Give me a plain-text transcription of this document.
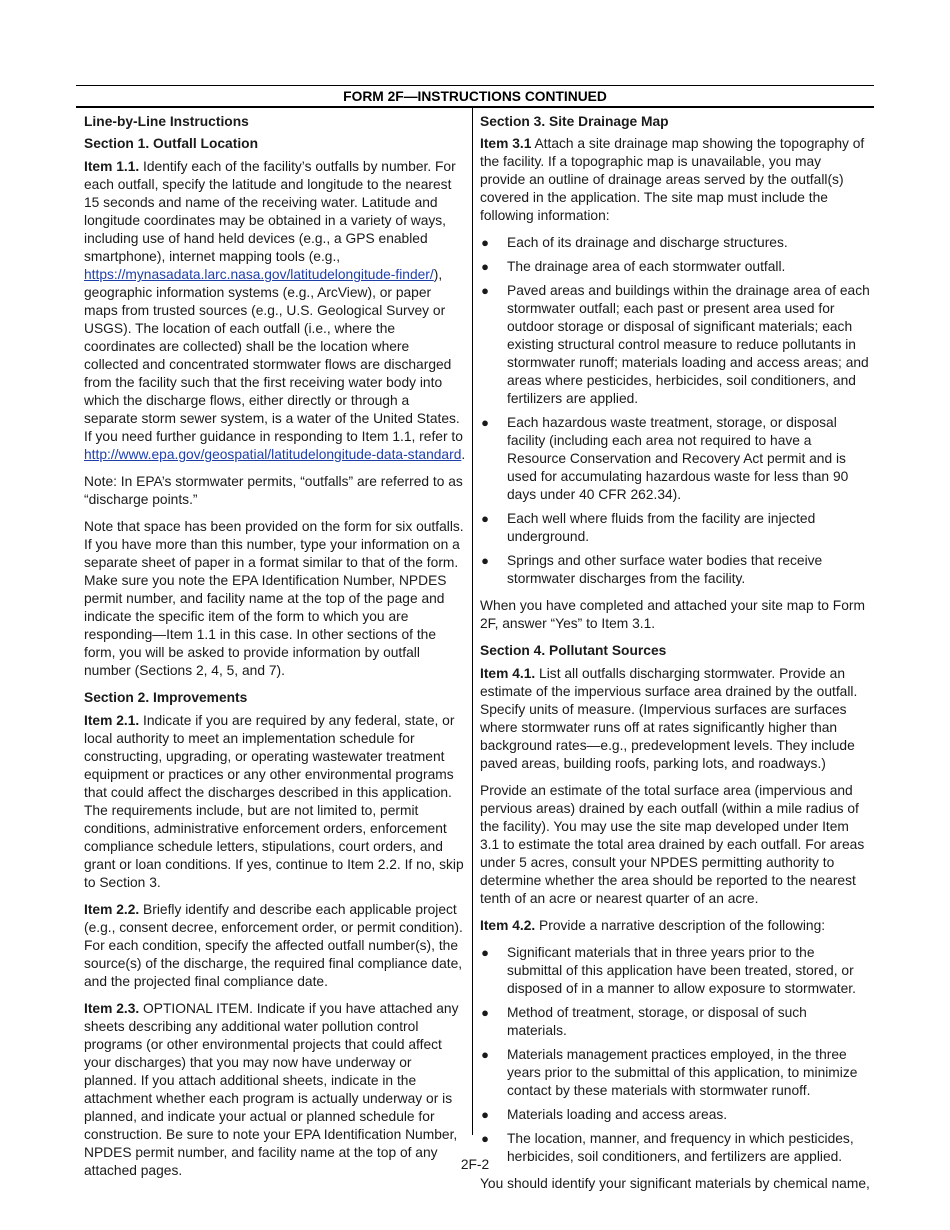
FORM 2F—INSTRUCTIONS CONTINUED
Line-by-Line Instructions
Section 1. Outfall Location

Item 1.1. Identify each of the facility’s outfalls by number. For each outfall, specify the latitude and longitude to the nearest 15 seconds and name of the receiving water. Latitude and longitude coordinates may be obtained in a variety of ways, including use of hand held devices (e.g., a GPS enabled smartphone), internet mapping tools (e.g., https://mynasadata.larc.nasa.gov/latitudelongitude-finder/), geographic information systems (e.g., ArcView), or paper maps from trusted sources (e.g., U.S. Geological Survey or USGS). The location of each outfall (i.e., where the coordinates are collected) shall be the location where collected and concentrated stormwater flows are discharged from the facility such that the first receiving water body into which the discharge flows, either directly or through a separate storm sewer system, is a water of the United States. If you need further guidance in responding to Item 1.1, refer to http://www.epa.gov/geospatial/latitudelongitude-data-standard.

Note: In EPA’s stormwater permits, “outfalls” are referred to as “discharge points.”

Note that space has been provided on the form for six outfalls. If you have more than this number, type your information on a separate sheet of paper in a format similar to that of the form. Make sure you note the EPA Identification Number, NPDES permit number, and facility name at the top of the page and indicate the specific item of the form to which you are responding—Item 1.1 in this case. In other sections of the form, you will be asked to provide information by outfall number (Sections 2, 4, 5, and 7).

Section 2. Improvements

Item 2.1. Indicate if you are required by any federal, state, or local authority to meet an implementation schedule for constructing, upgrading, or operating wastewater treatment equipment or practices or any other environmental programs that could affect the discharges described in this application. The requirements include, but are not limited to, permit conditions, administrative enforcement orders, enforcement compliance schedule letters, stipulations, court orders, and grant or loan conditions. If yes, continue to Item 2.2. If no, skip to Section 3.

Item 2.2. Briefly identify and describe each applicable project (e.g., consent decree, enforcement order, or permit condition). For each condition, specify the affected outfall number(s), the source(s) of the discharge, the required final compliance date, and the projected final compliance date.

Item 2.3. OPTIONAL ITEM. Indicate if you have attached any sheets describing any additional water pollution control programs (or other environmental projects that could affect your discharges) that you may now have underway or planned. If you attach additional sheets, indicate in the attachment whether each program is actually underway or is planned, and indicate your actual or planned schedule for construction. Be sure to note your EPA Identification Number, NPDES permit number, and facility name at the top of any attached pages.

Section 3. Site Drainage Map

Item 3.1 Attach a site drainage map showing the topography of the facility. If a topographic map is unavailable, you may provide an outline of drainage areas served by the outfall(s) covered in the application. The site map must include the following information:

● Each of its drainage and discharge structures.
● The drainage area of each stormwater outfall.
● Paved areas and buildings within the drainage area of each stormwater outfall; each past or present area used for outdoor storage or disposal of significant materials; each existing structural control measure to reduce pollutants in stormwater runoff; materials loading and access areas; and areas where pesticides, herbicides, soil conditioners, and fertilizers are applied.
● Each hazardous waste treatment, storage, or disposal facility (including each area not required to have a Resource Conservation and Recovery Act permit and is used for accumulating hazardous waste for less than 90 days under 40 CFR 262.34).
● Each well where fluids from the facility are injected underground.
● Springs and other surface water bodies that receive stormwater discharges from the facility.

When you have completed and attached your site map to Form 2F, answer “Yes” to Item 3.1.

Section 4. Pollutant Sources

Item 4.1. List all outfalls discharging stormwater. Provide an estimate of the impervious surface area drained by the outfall. Specify units of measure. (Impervious surfaces are surfaces where stormwater runs off at rates significantly higher than background rates—e.g., predevelopment levels. They include paved areas, building roofs, parking lots, and roadways.)

Provide an estimate of the total surface area (impervious and pervious areas) drained by each outfall (within a mile radius of the facility). You may use the site map developed under Item 3.1 to estimate the total area drained by each outfall. For areas under 5 acres, consult your NPDES permitting authority to determine whether the area should be reported to the nearest tenth of an acre or nearest quarter of an acre.

Item 4.2. Provide a narrative description of the following:

● Significant materials that in three years prior to the submittal of this application have been treated, stored, or disposed of in a manner to allow exposure to stormwater.
● Method of treatment, storage, or disposal of such materials.
● Materials management practices employed, in the three years prior to the submittal of this application, to minimize contact by these materials with stormwater runoff.
● Materials loading and access areas.
● The location, manner, and frequency in which pesticides, herbicides, soil conditioners, and fertilizers are applied.

You should identify your significant materials by chemical name,

2F-2
